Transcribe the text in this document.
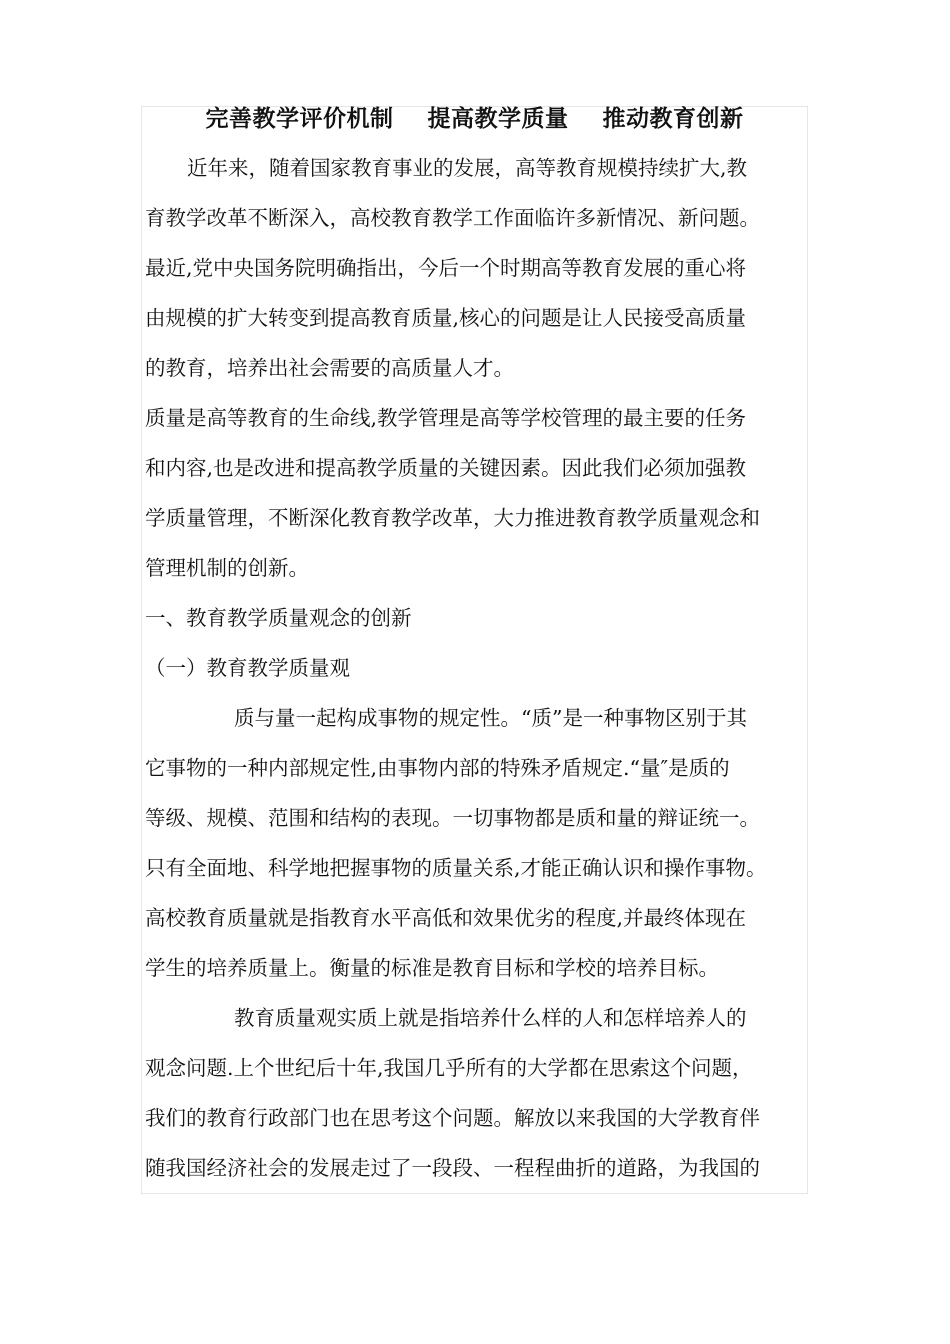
完善教学评价机制    提高教学质量    推动教育创新
近年来，随着国家教育事业的发展，高等教育规模持续扩大,教
育教学改革不断深入，高校教育教学工作面临许多新情况、新问题。
最近,党中央国务院明确指出，今后一个时期高等教育发展的重心将
由规模的扩大转变到提高教育质量,核心的问题是让人民接受高质量
的教育，培养出社会需要的高质量人才。
质量是高等教育的生命线,教学管理是高等学校管理的最主要的任务
和内容,也是改进和提高教学质量的关键因素。因此我们必须加强教
学质量管理，不断深化教育教学改革，大力推进教育教学质量观念和
管理机制的创新。
一、教育教学质量观念的创新
（一）教育教学质量观
质与量一起构成事物的规定性。“质”是一种事物区别于其
它事物的一种内部规定性,由事物内部的特殊矛盾规定.“量″是质的
等级、规模、范围和结构的表现。一切事物都是质和量的辩证统一。
只有全面地、科学地把握事物的质量关系,才能正确认识和操作事物。
高校教育质量就是指教育水平高低和效果优劣的程度,并最终体现在
学生的培养质量上。衡量的标准是教育目标和学校的培养目标。
教育质量观实质上就是指培养什么样的人和怎样培养人的
观念问题.上个世纪后十年,我国几乎所有的大学都在思索这个问题，
我们的教育行政部门也在思考这个问题。解放以来我国的大学教育伴
随我国经济社会的发展走过了一段段、一程程曲折的道路，为我国的
